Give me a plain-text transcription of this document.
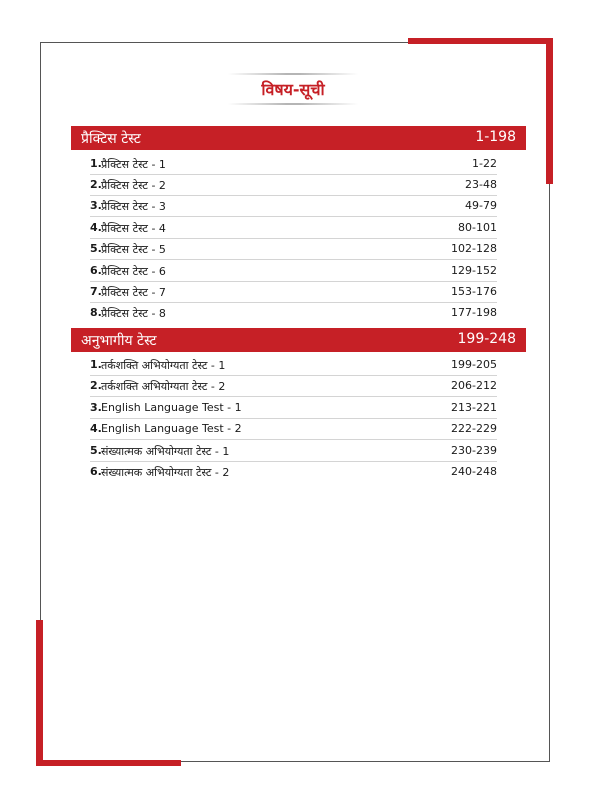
विषय-सूची
प्रैक्टिस टेस्ट	1-198
1. प्रैक्टिस टेस्ट - 1	1-22
2. प्रैक्टिस टेस्ट - 2	23-48
3. प्रैक्टिस टेस्ट - 3	49-79
4. प्रैक्टिस टेस्ट - 4	80-101
5. प्रैक्टिस टेस्ट - 5	102-128
6. प्रैक्टिस टेस्ट - 6	129-152
7. प्रैक्टिस टेस्ट - 7	153-176
8. प्रैक्टिस टेस्ट - 8	177-198
अनुभागीय टेस्ट	199-248
1. तर्कशक्ति अभियोग्यता टेस्ट - 1	199-205
2. तर्कशक्ति अभियोग्यता टेस्ट - 2	206-212
3. English Language Test - 1	213-221
4. English Language Test - 2	222-229
5. संख्यात्मक अभियोग्यता टेस्ट - 1	230-239
6. संख्यात्मक अभियोग्यता टेस्ट - 2	240-248
